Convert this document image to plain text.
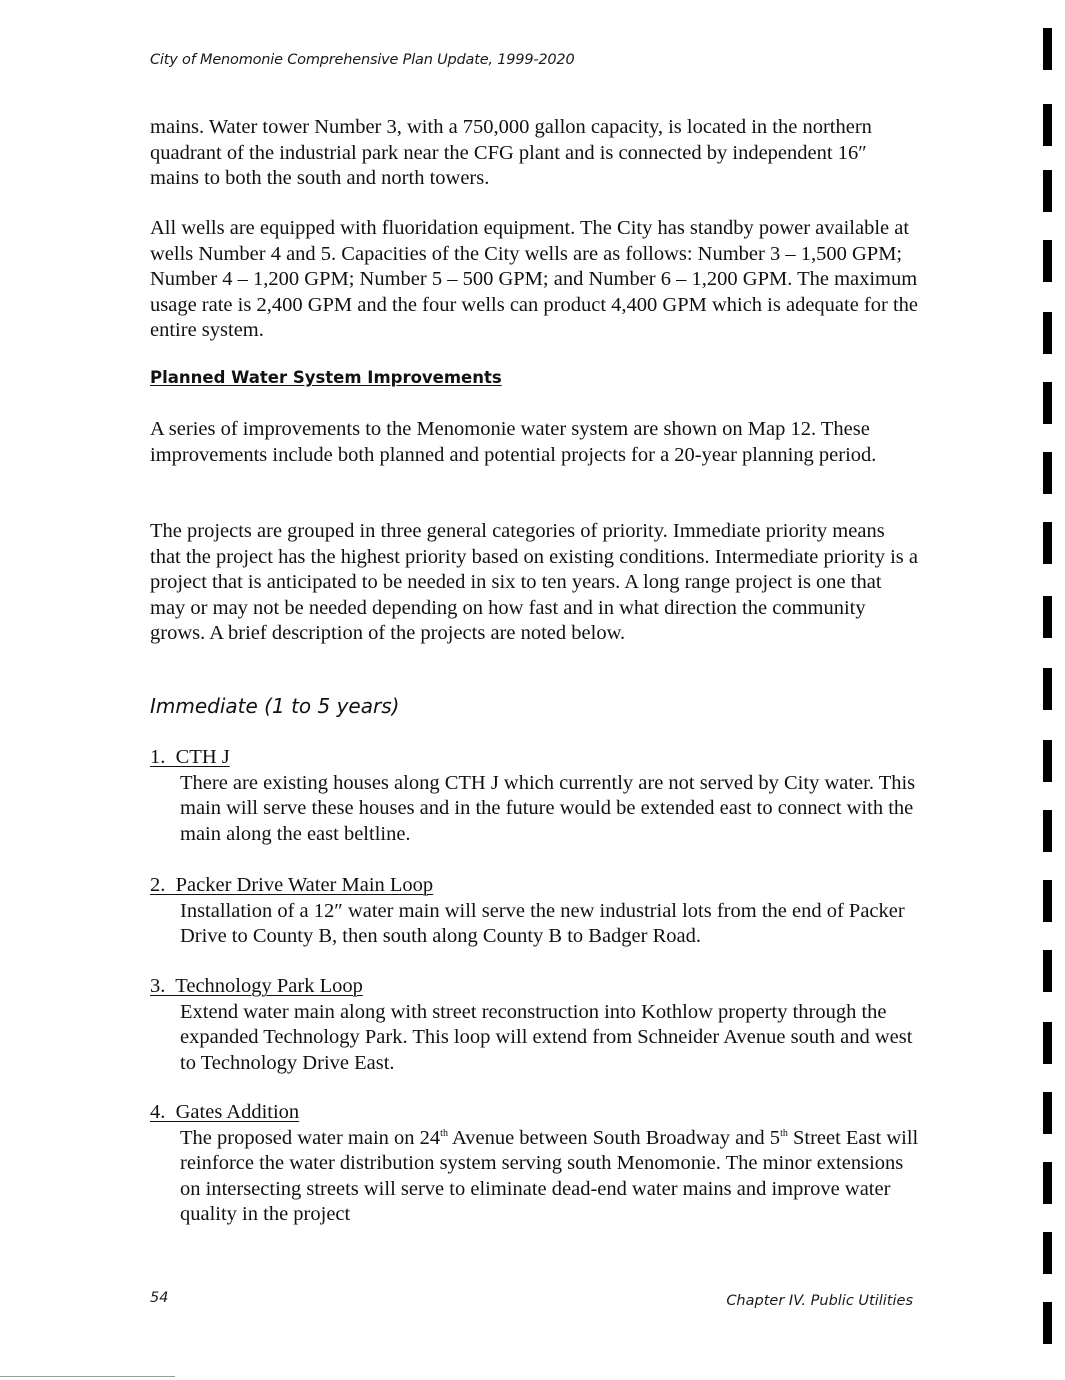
City of Menomonie Comprehensive Plan Update, 1999-2020
mains. Water tower Number 3, with a 750,000 gallon capacity, is located in the northern quadrant of the industrial park near the CFG plant and is connected by independent 16″ mains to both the south and north towers.
All wells are equipped with fluoridation equipment. The City has standby power available at wells Number 4 and 5. Capacities of the City wells are as follows: Number 3 – 1,500 GPM; Number 4 – 1,200 GPM; Number 5 – 500 GPM; and Number 6 – 1,200 GPM. The maximum usage rate is 2,400 GPM and the four wells can product 4,400 GPM which is adequate for the entire system.
Planned Water System Improvements
A series of improvements to the Menomonie water system are shown on Map 12. These improvements include both planned and potential projects for a 20-year planning period.
The projects are grouped in three general categories of priority. Immediate priority means that the project has the highest priority based on existing conditions. Intermediate priority is a project that is anticipated to be needed in six to ten years. A long range project is one that may or may not be needed depending on how fast and in what direction the community grows. A brief description of the projects are noted below.
Immediate (1 to 5 years)
1.  CTH J
There are existing houses along CTH J which currently are not served by City water. This main will serve these houses and in the future would be extended east to connect with the main along the east beltline.
2.  Packer Drive Water Main Loop
Installation of a 12″ water main will serve the new industrial lots from the end of Packer Drive to County B, then south along County B to Badger Road.
3.  Technology Park Loop
Extend water main along with street reconstruction into Kothlow property through the expanded Technology Park. This loop will extend from Schneider Avenue south and west to Technology Drive East.
4.  Gates Addition
The proposed water main on 24th Avenue between South Broadway and 5th Street East will reinforce the water distribution system serving south Menomonie. The minor extensions on intersecting streets will serve to eliminate dead-end water mains and improve water quality in the project
54	Chapter IV. Public Utilities
